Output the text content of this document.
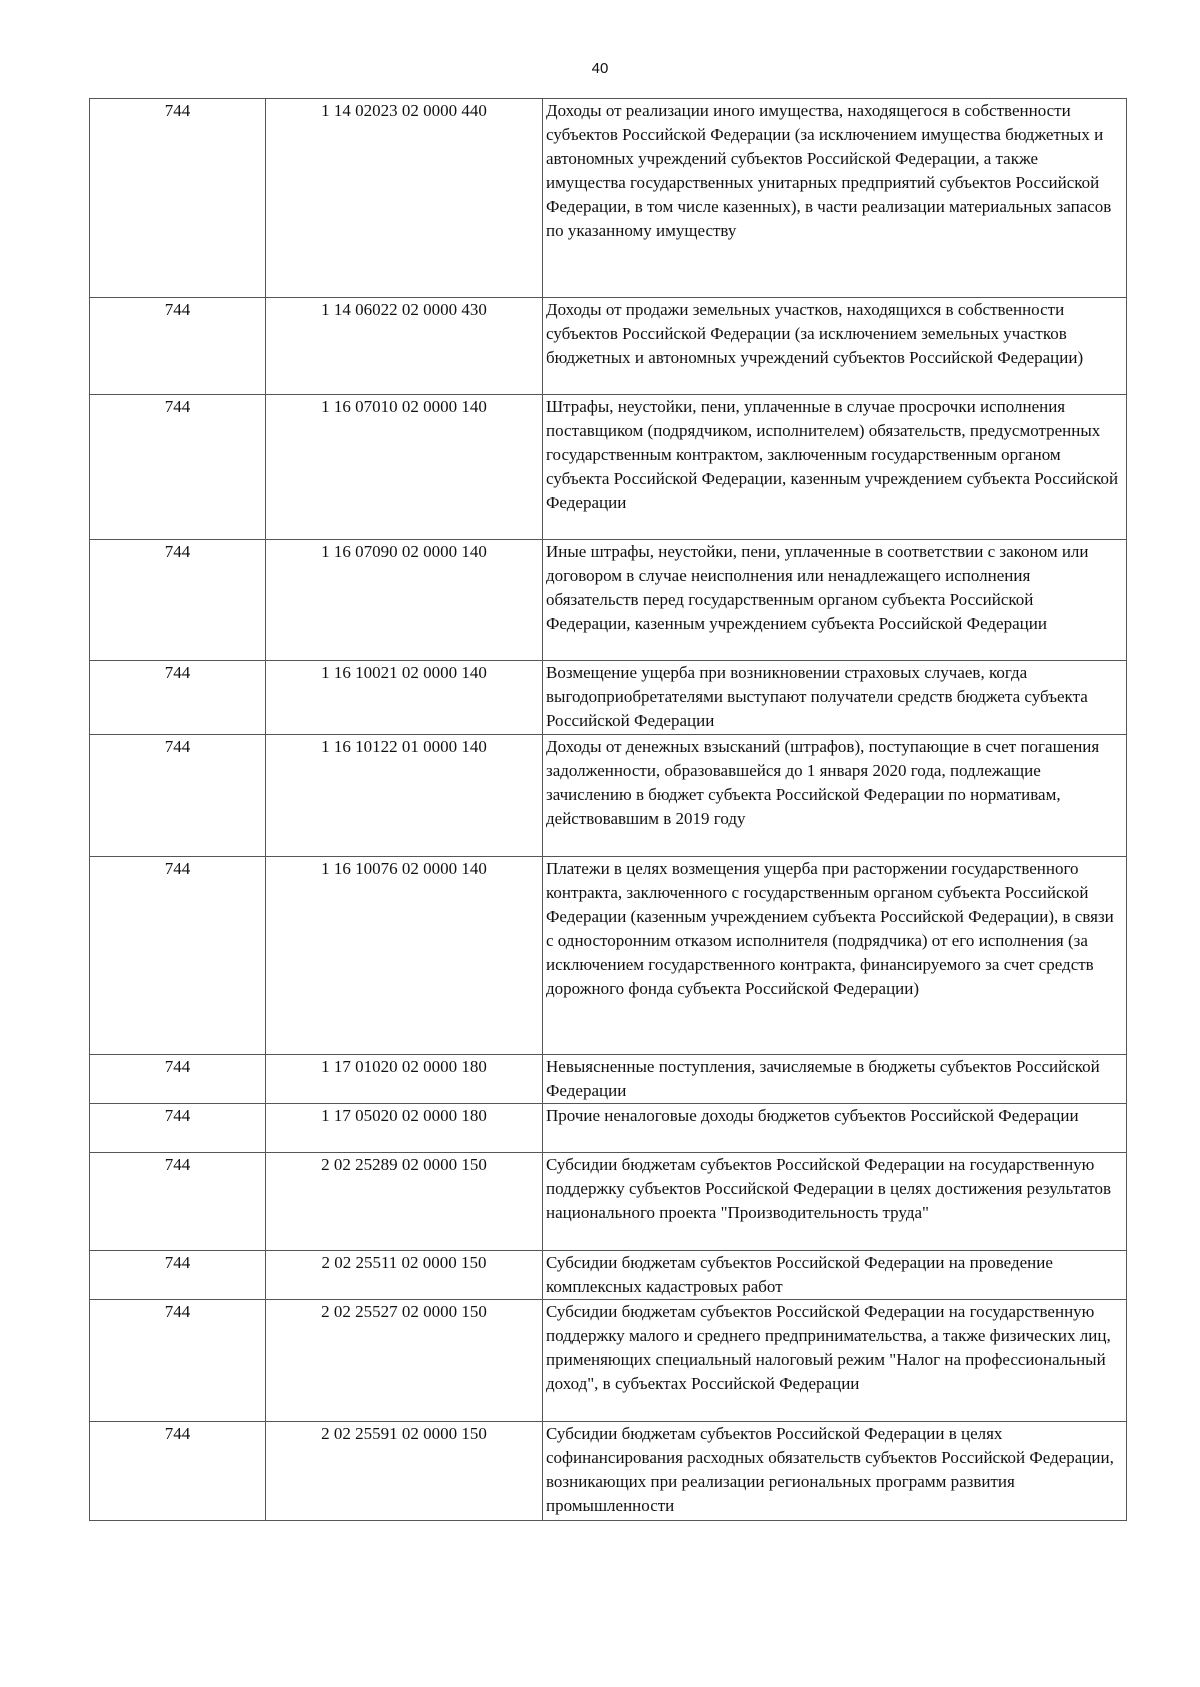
40
744	1 14 02023 02 0000 440	Доходы от реализации иного имущества, находящегося в собственности субъектов Российской Федерации (за исключением имущества бюджетных и автономных учреждений субъектов Российской Федерации, а также имущества государственных унитарных предприятий субъектов Российской Федерации, в том числе казенных), в части реализации материальных запасов по указанному имуществу
744	1 14 06022 02 0000 430	Доходы от продажи земельных участков, находящихся в собственности субъектов Российской Федерации (за исключением земельных участков бюджетных и автономных учреждений субъектов Российской Федерации)
744	1 16 07010 02 0000 140	Штрафы, неустойки, пени, уплаченные в случае просрочки исполнения поставщиком (подрядчиком, исполнителем) обязательств, предусмотренных государственным контрактом, заключенным государственным органом субъекта Российской Федерации, казенным учреждением субъекта Российской Федерации
744	1 16 07090 02 0000 140	Иные штрафы, неустойки, пени, уплаченные в соответствии с законом или договором в случае неисполнения или ненадлежащего исполнения обязательств перед государственным органом субъекта Российской Федерации, казенным учреждением субъекта Российской Федерации
744	1 16 10021 02 0000 140	Возмещение ущерба при возникновении страховых случаев, когда выгодоприобретателями выступают получатели средств бюджета субъекта Российской Федерации
744	1 16 10122 01 0000 140	Доходы от денежных взысканий (штрафов), поступающие в счет погашения задолженности, образовавшейся до 1 января 2020 года, подлежащие зачислению в бюджет субъекта Российской Федерации по нормативам, действовавшим в 2019 году
744	1 16 10076 02 0000 140	Платежи в целях возмещения ущерба при расторжении государственного контракта, заключенного с государственным органом субъекта Российской Федерации (казенным учреждением субъекта Российской Федерации), в связи с односторонним отказом исполнителя (подрядчика) от его исполнения (за исключением государственного контракта, финансируемого за счет средств дорожного фонда субъекта Российской Федерации)
744	1 17 01020 02 0000 180	Невыясненные поступления, зачисляемые в бюджеты субъектов Российской Федерации
744	1 17 05020 02 0000 180	Прочие неналоговые доходы бюджетов субъектов Российской Федерации
744	2 02 25289 02 0000 150	Субсидии бюджетам субъектов Российской Федерации на государственную поддержку субъектов Российской Федерации в целях достижения результатов национального проекта "Производительность труда"
744	2 02 25511 02 0000 150	Субсидии бюджетам субъектов Российской Федерации на проведение комплексных кадастровых работ
744	2 02 25527 02 0000 150	Субсидии бюджетам субъектов Российской Федерации на государственную поддержку малого и среднего предпринимательства, а также физических лиц, применяющих специальный налоговый режим "Налог на профессиональный доход", в субъектах Российской Федерации
744	2 02 25591 02 0000 150	Субсидии бюджетам субъектов Российской Федерации в целях софинансирования расходных обязательств субъектов Российской Федерации, возникающих при реализации региональных программ развития промышленности
